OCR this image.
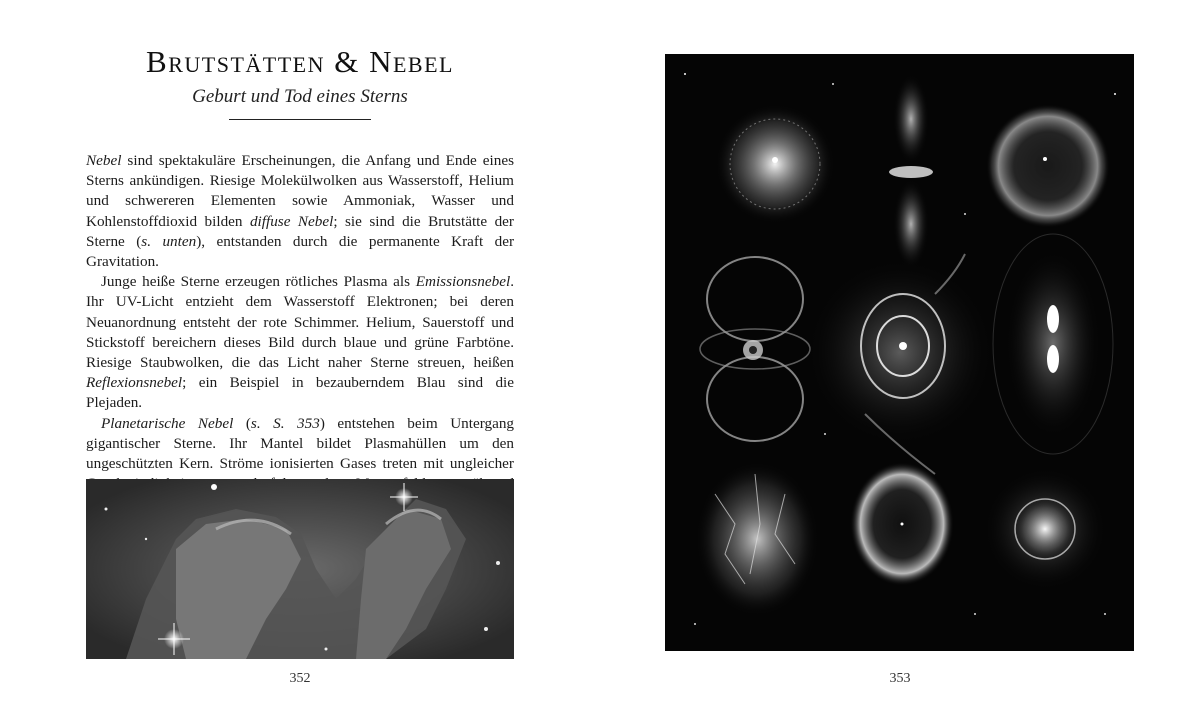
Bruтstätten & Nebel
Geburt und Tod eines Sterns

Nebel sind spektakuläre Erscheinungen, die Anfang und Ende eines Sterns ankündigen. Riesige Molekülwolken aus Wasserstoff, Helium und schwereren Elementen sowie Ammoniak, Wasser und Kohlenstoffdioxid bilden diffuse Nebel; sie sind die Brutstätte der Sterne (s. unten), entstanden durch die permanente Kraft der Gravitation.

Junge heiße Sterne erzeugen rötliches Plasma als Emissionsnebel. Ihr UV-Licht entzieht dem Wasserstoff Elektronen; bei deren Neuanordnung entsteht der rote Schimmer. Helium, Sauerstoff und Stickstoff bereichern dieses Bild durch blaue und grüne Farbtöne. Riesige Staubwolken, die das Licht naher Sterne streuen, heißen Reflexionsnebel; ein Beispiel in bezauberndem Blau sind die Plejaden.

Planetarische Nebel (s. S. 353) entstehen beim Untergang gigantischer Sterne. Ihr Mantel bildet Plasmahüllen um den ungeschützten Kern. Ströme ionisierten Gases treten mit ungleicher

352	353
